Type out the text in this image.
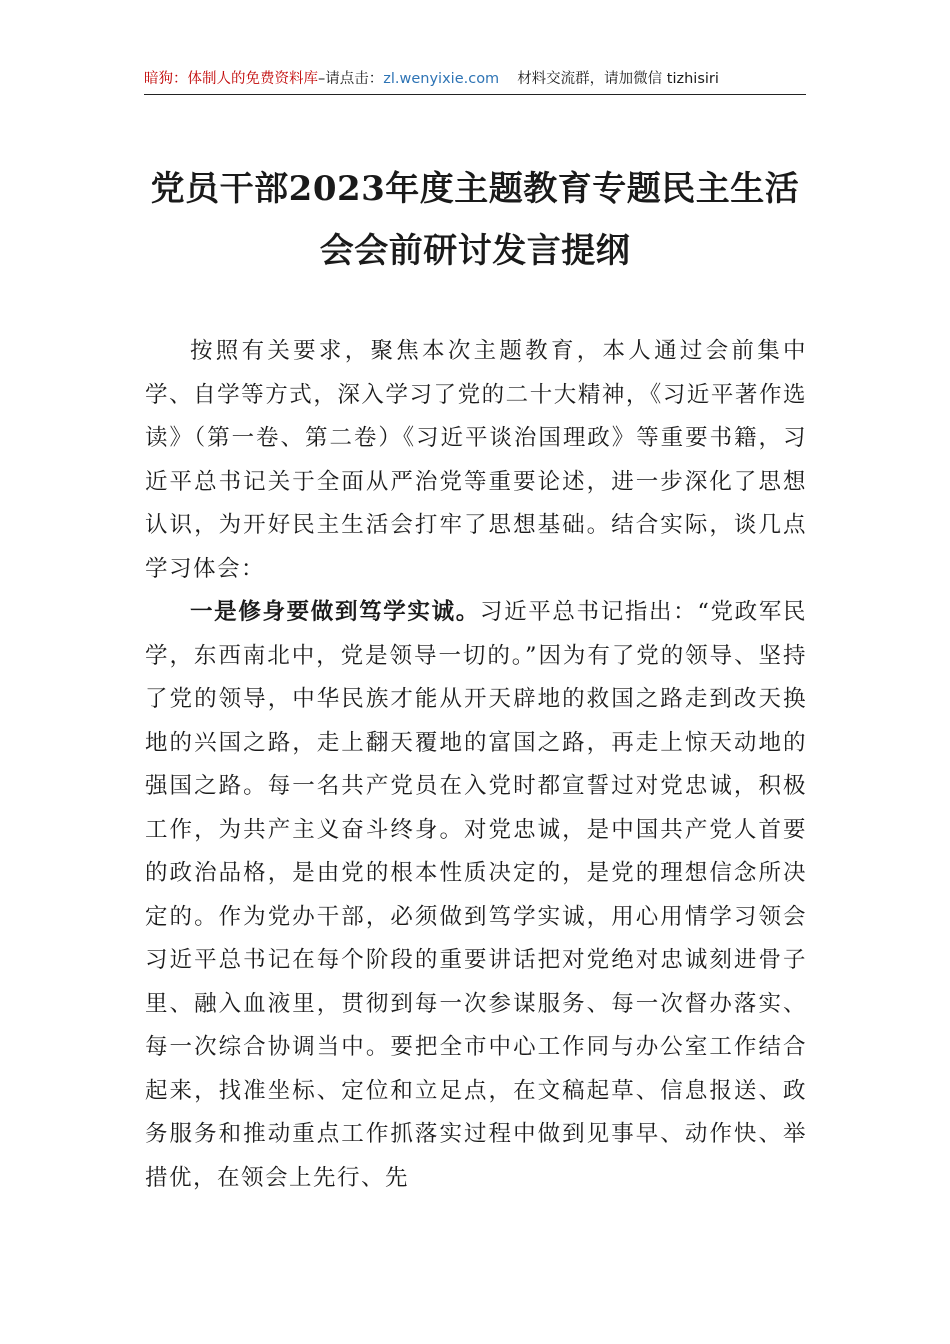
暗狗：体制人的免费资料库 –请点击： zl.wenyixie.com 材料交流群，请加微信 tizhisiri
党员干部2023年度主题教育专题民主生活
会会前研讨发言提纲

按照有关要求，聚焦本次主题教育，本人通过会前集中学、自学等方式，深入学习了党的二十大精神，《习近平著作选读》（第一卷、第二卷）《习近平谈治国理政》等重要书籍，习近平总书记关于全面从严治党等重要论述，进一步深化了思想认识，为开好民主生活会打牢了思想基础。结合实际，谈几点学习体会：

一是修身要做到笃学实诚。习近平总书记指出：“党政军民学，东西南北中，党是领导一切的。”因为有了党的领导、坚持了党的领导，中华民族才能从开天辟地的救国之路走到改天换地的兴国之路，走上翻天覆地的富国之路，再走上惊天动地的强国之路。每一名共产党员在入党时都宣誓过对党忠诚，积极工作，为共产主义奋斗终身。对党忠诚，是中国共产党人首要的政治品格，是由党的根本性质决定的，是党的理想信念所决定的。作为党办干部，必须做到笃学实诚，用心用情学习领会习近平总书记在每个阶段的重要讲话把对党绝对忠诚刻进骨子里、融入血液里，贯彻到每一次参谋服务、每一次督办落实、每一次综合协调当中。要把全市中心工作同与办公室工作结合起来，找准坐标、定位和立足点，在文稿起草、信息报送、政务服务和推动重点工作抓落实过程中做到见事早、动作快、举措优，在领会上先行、先
